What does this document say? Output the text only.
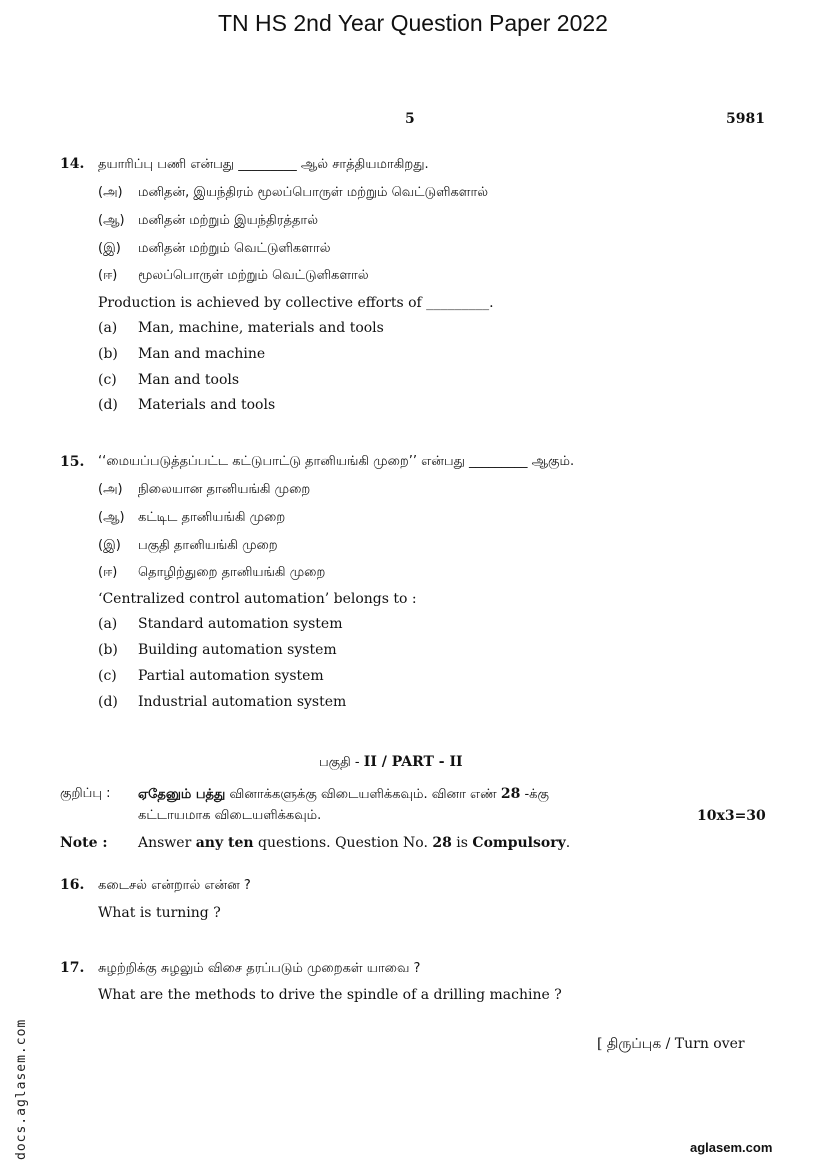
TN HS 2nd Year Question Paper 2022
5	5981
14. தயாரிப்பு பணி என்பது _________ ஆல் சாத்தியமாகிறது.
(அ) மனிதன், இயந்திரம் மூலப்பொருள் மற்றும் வெட்டுளிகளால்
(ஆ) மனிதன் மற்றும் இயந்திரத்தால்
(இ) மனிதன் மற்றும் வெட்டுளிகளால்
(ஈ) மூலப்பொருள் மற்றும் வெட்டுளிகளால்
Production is achieved by collective efforts of _________.
(a) Man, machine, materials and tools
(b) Man and machine
(c) Man and tools
(d) Materials and tools
15. ‘‘மையப்படுத்தப்பட்ட கட்டுபாட்டு தானியங்கி முறை’’ என்பது _________ ஆகும்.
(அ) நிலையான தானியங்கி முறை
(ஆ) கட்டிட தானியங்கி முறை
(இ) பகுதி தானியங்கி முறை
(ஈ) தொழிற்துறை தானியங்கி முறை
‘Centralized control automation’ belongs to :
(a) Standard automation system
(b) Building automation system
(c) Partial automation system
(d) Industrial automation system
பகுதி - II / PART - II
குறிப்பு : ஏதேனும் பத்து வினாக்களுக்கு விடையளிக்கவும். வினா எண் 28 -க்கு
கட்டாயமாக விடையளிக்கவும்.	10x3=30
Note : Answer any ten questions. Question No. 28 is Compulsory.
16. கடைசல் என்றால் என்ன ?
What is turning ?
17. சுழற்றிக்கு சுழலும் விசை தரப்படும் முறைகள் யாவை ?
What are the methods to drive the spindle of a drilling machine ?
[ திருப்புக / Turn over
docs.aglasem.com	aglasem.com
